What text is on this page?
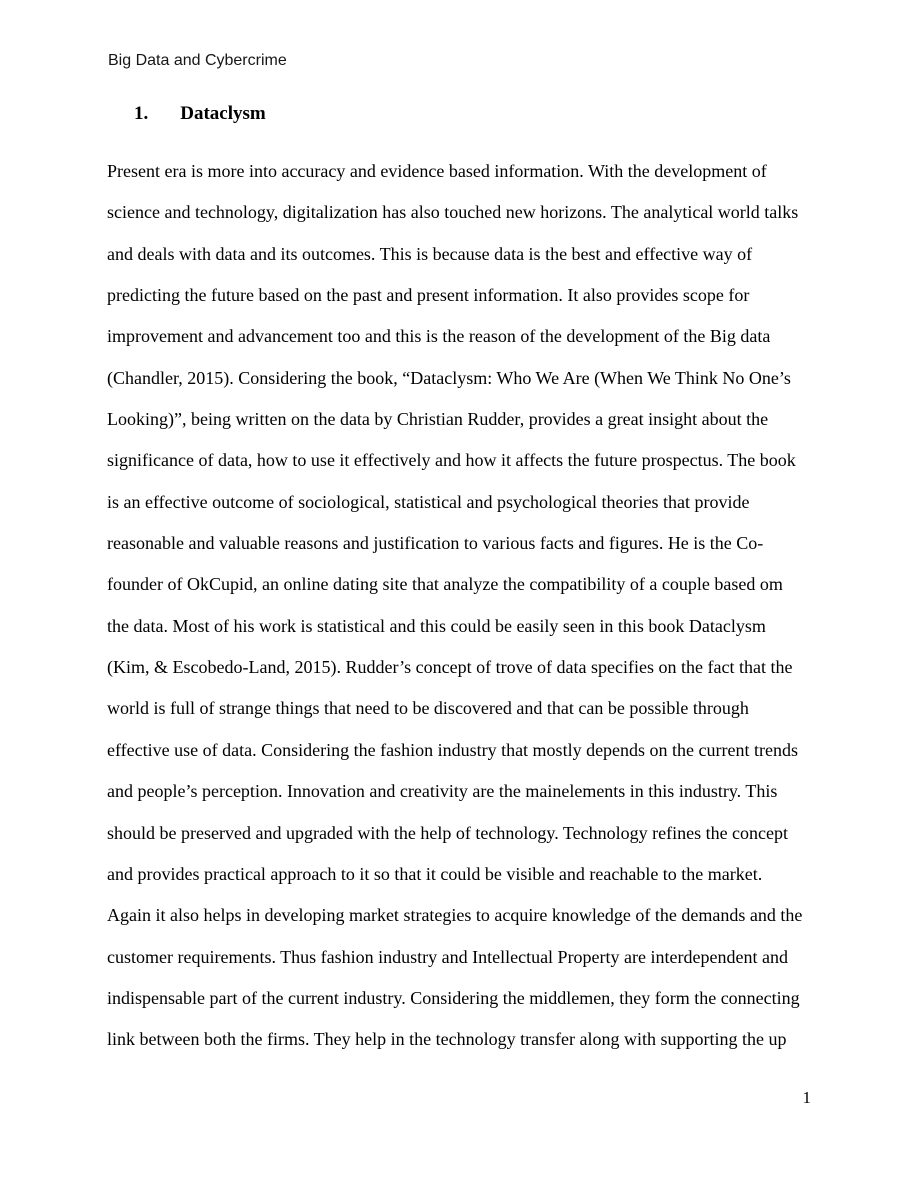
Big Data and Cybercrime
1. Dataclysm
Present era is more into accuracy and evidence based information. With the development of
science and technology, digitalization has also touched new horizons. The analytical world talks
and deals with data and its outcomes. This is because data is the best and effective way of
predicting the future based on the past and present information. It also provides scope for
improvement and advancement too and this is the reason of the development of the Big data
(Chandler, 2015). Considering the book, “Dataclysm: Who We Are (When We Think No One’s
Looking)”, being written on the data by Christian Rudder, provides a great insight about the
significance of data, how to use it effectively and how it affects the future prospectus. The book
is an effective outcome of sociological, statistical and psychological theories that provide
reasonable and valuable reasons and justification to various facts and figures. He is the Co-
founder of OkCupid, an online dating site that analyze the compatibility of a couple based om
the data. Most of his work is statistical and this could be easily seen in this book Dataclysm
(Kim, & Escobedo-Land, 2015). Rudder’s concept of trove of data specifies on the fact that the
world is full of strange things that need to be discovered and that can be possible through
effective use of data. Considering the fashion industry that mostly depends on the current trends
and people’s perception. Innovation and creativity are the mainelements in this industry. This
should be preserved and upgraded with the help of technology. Technology refines the concept
and provides practical approach to it so that it could be visible and reachable to the market.
Again it also helps in developing market strategies to acquire knowledge of the demands and the
customer requirements. Thus fashion industry and Intellectual Property are interdependent and
indispensable part of the current industry. Considering the middlemen, they form the connecting
link between both the firms. They help in the technology transfer along with supporting the up
1
